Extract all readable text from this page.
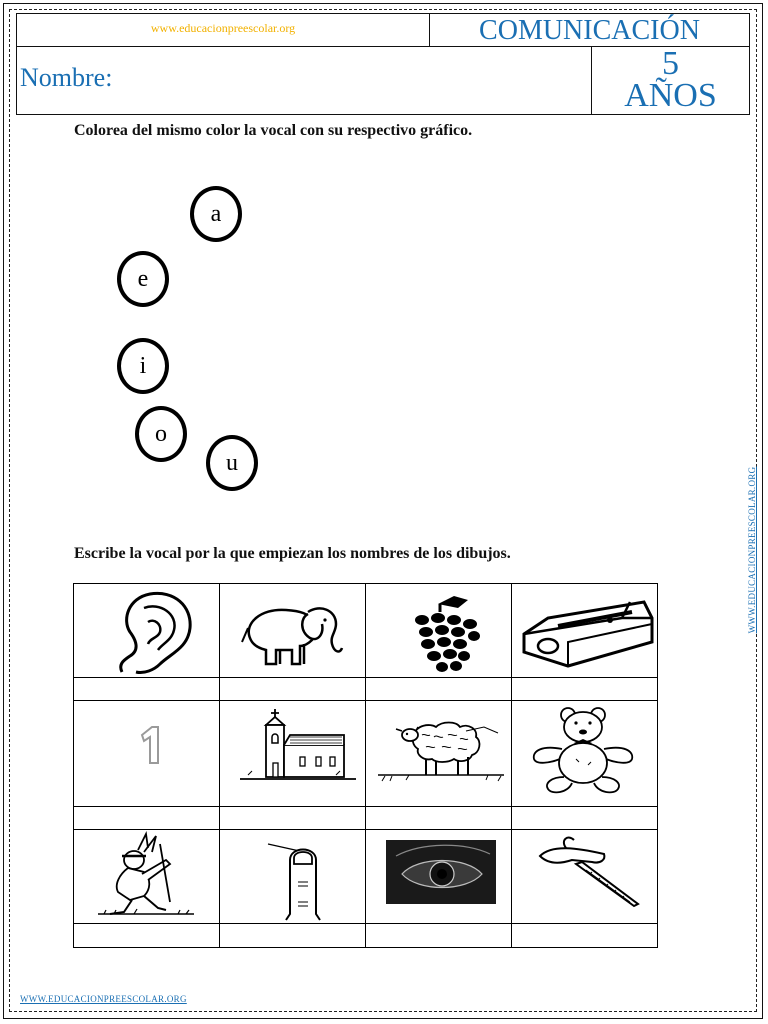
www.educacionpreescolar.org	COMUNICACIÓN
Nombre:	5
AÑOS
Colorea del mismo color la vocal con su respectivo gráfico.
a
e
i
o
u
Escribe la vocal por la que empiezan los nombres de los dibujos.	WWW.EDUCACIONPREESCOLAR.ORG
WWW.EDUCACIONPREESCOLAR.ORG
